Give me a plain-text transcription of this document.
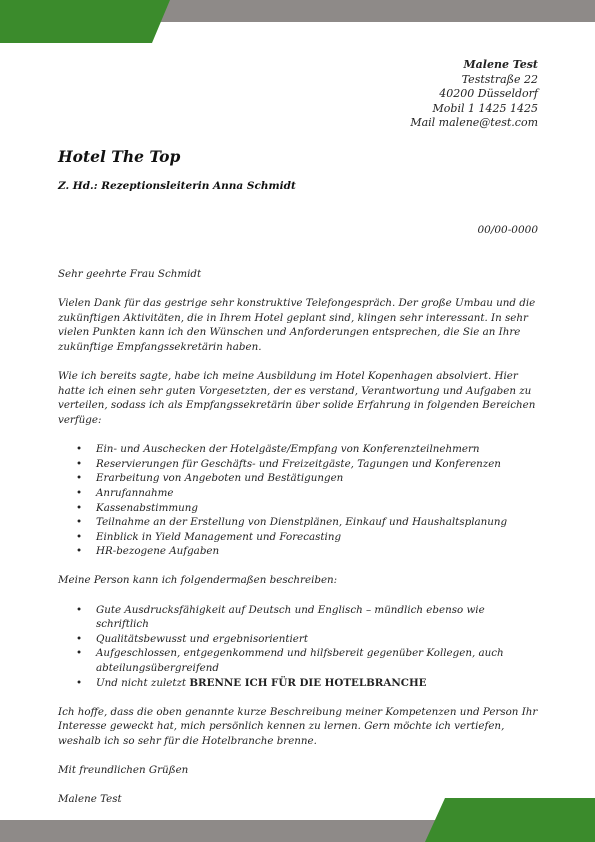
Malene Test
Teststraße 22
40200 Düsseldorf
Mobil 1 1425 1425
Mail malene@test.com
Hotel The Top
Z. Hd.: Rezeptionsleiterin Anna Schmidt
00/00-0000

Sehr geehrte Frau Schmidt

Vielen Dank für das gestrige sehr konstruktive Telefongespräch. Der große Umbau und die zukünftigen Aktivitäten, die in Ihrem Hotel geplant sind, klingen sehr interessant. In sehr vielen Punkten kann ich den Wünschen und Anforderungen entsprechen, die Sie an Ihre zukünftige Empfangssekretärin haben.

Wie ich bereits sagte, habe ich meine Ausbildung im Hotel Kopenhagen absolviert. Hier hatte ich einen sehr guten Vorgesetzten, der es verstand, Verantwortung und Aufgaben zu verteilen, sodass ich als Empfangssekretärin über solide Erfahrung in folgenden Bereichen verfüge:

• Ein- und Auschecken der Hotelgäste/Empfang von Konferenzteilnehmern
• Reservierungen für Geschäfts- und Freizeitgäste, Tagungen und Konferenzen
• Erarbeitung von Angeboten und Bestätigungen
• Anrufannahme
• Kassenabstimmung
• Teilnahme an der Erstellung von Dienstplänen, Einkauf und Haushaltsplanung
• Einblick in Yield Management und Forecasting
• HR-bezogene Aufgaben

Meine Person kann ich folgendermaßen beschreiben:

• Gute Ausdrucksfähigkeit auf Deutsch und Englisch – mündlich ebenso wie schriftlich
• Qualitätsbewusst und ergebnisorientiert
• Aufgeschlossen, entgegenkommend und hilfsbereit gegenüber Kollegen, auch abteilungsübergreifend
• Und nicht zuletzt BRENNE ICH FÜR DIE HOTELBRANCHE

Ich hoffe, dass die oben genannte kurze Beschreibung meiner Kompetenzen und Person Ihr Interesse geweckt hat, mich persönlich kennen zu lernen. Gern möchte ich vertiefen, weshalb ich so sehr für die Hotelbranche brenne.

Mit freundlichen Grüßen

Malene Test
